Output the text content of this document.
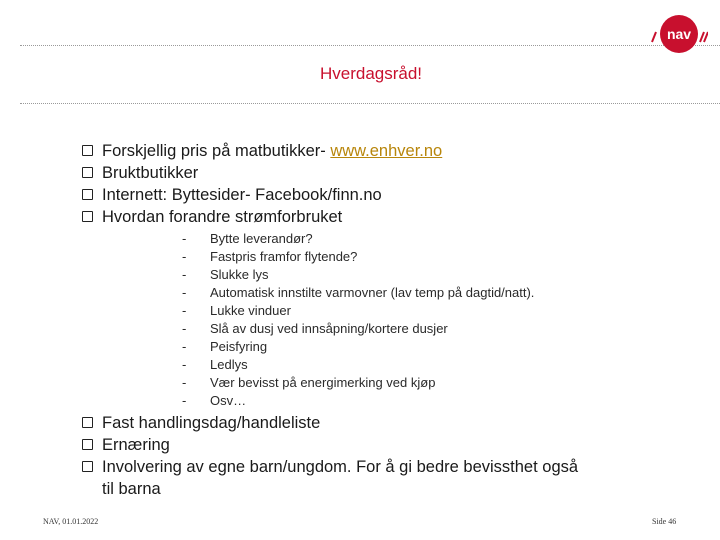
nav
Hverdagsråd!
Forskjellig pris på matbutikker- www.enhver.no
Bruktbutikker
Internett: Byttesider- Facebook/finn.no
Hvordan forandre strømforbruket
-	Bytte leverandør?
-	Fastpris framfor flytende?
-	Slukke lys
-	Automatisk innstilte varmovner (lav temp på dagtid/natt).
-	Lukke vinduer
-	Slå av dusj ved innsåpning/kortere dusjer
-	Peisfyring
-	Ledlys
-	Vær bevisst på energimerking ved kjøp
-	Osv…
Fast handlingsdag/handleliste
Ernæring
Involvering av egne barn/ungdom. For å gi bedre bevissthet også til barna
NAV, 01.01.2022	Side 46
